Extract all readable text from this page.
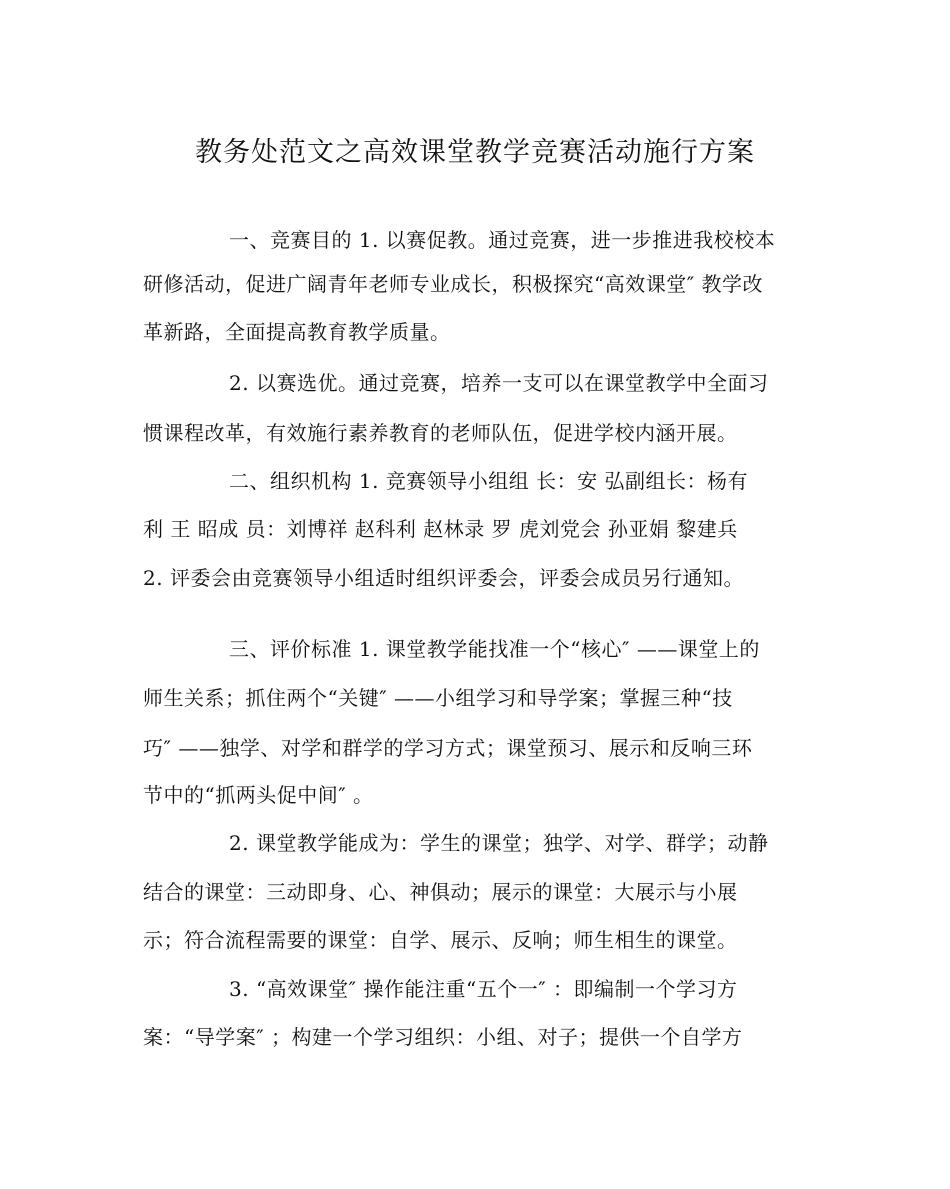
教务处范文之高效课堂教学竞赛活动施行方案

一、竞赛目的 1. 以赛促教。通过竞赛，进一步推进我校校本

研修活动，促进广阔青年老师专业成长，积极探究“高效课堂″ 教学改

革新路，全面提高教育教学质量。

2. 以赛选优。通过竞赛，培养一支可以在课堂教学中全面习

惯课程改革，有效施行素养教育的老师队伍，促进学校内涵开展。

二、组织机构 1. 竞赛领导小组组 长：安 弘副组长：杨有

利 王 昭成 员：刘博祥 赵科利 赵林录 罗 虎刘党会 孙亚娟 黎建兵

2. 评委会由竞赛领导小组适时组织评委会，评委会成员另行通知。

三、评价标准 1. 课堂教学能找准一个“核心″ ——课堂上的

师生关系；抓住两个“关键″ ——小组学习和导学案；掌握三种“技

巧″ ——独学、对学和群学的学习方式；课堂预习、展示和反响三环

节中的“抓两头促中间″ 。

2. 课堂教学能成为：学生的课堂；独学、对学、群学；动静

结合的课堂：三动即身、心、神俱动；展示的课堂：大展示与小展

示；符合流程需要的课堂：自学、展示、反响；师生相生的课堂。

3. “高效课堂″ 操作能注重“五个一″ ：即编制一个学习方

案：“导学案″ ；构建一个学习组织：小组、对子；提供一个自学方
